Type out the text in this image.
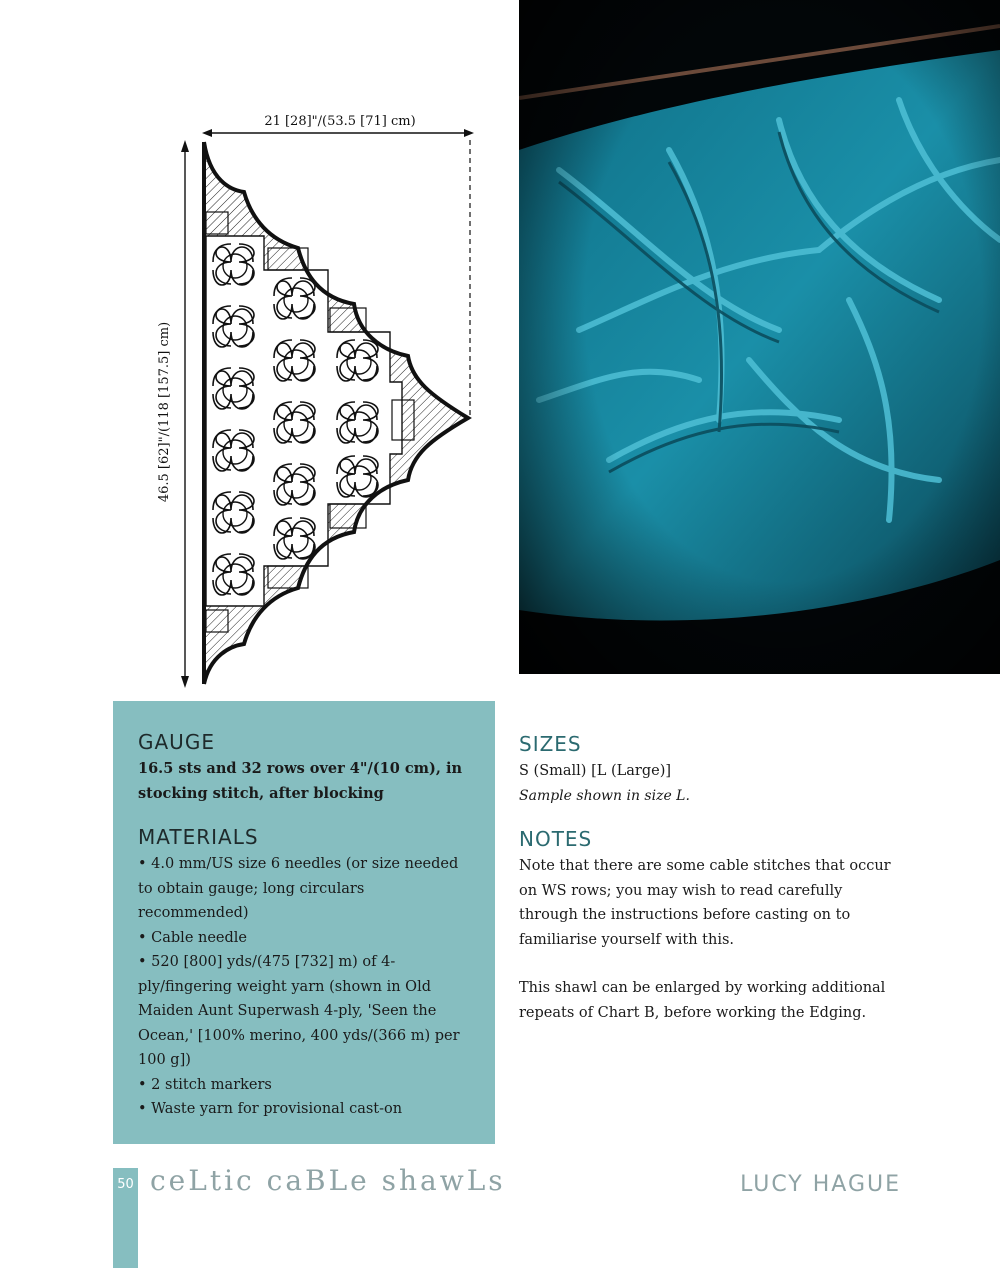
21 [28]"/(53.5 [71] cm)
46.5 [62]"/(118 [157.5] cm)
GAUGE
16.5 sts and 32 rows over 4"/(10 cm), in stocking stitch, after blocking
MATERIALS
• 4.0 mm/US size 6 needles (or size needed to obtain gauge; long circulars recommended)
• Cable needle
• 520 [800] yds/(475 [732] m) of 4-ply/fingering weight yarn (shown in Old Maiden Aunt Superwash 4-ply, 'Seen the Ocean,' [100% merino, 400 yds/(366 m) per 100 g])
• 2 stitch markers
• Waste yarn for provisional cast-on
SIZES
S (Small) [L (Large)]
Sample shown in size L.
NOTES
Note that there are some cable stitches that occur on WS rows; you may wish to read carefully through the instructions before casting on to familiarise yourself with this.
This shawl can be enlarged by working additional repeats of Chart B, before working the Edging.
50 ceLtic caBLe shawLs	LUCY HAGUE
